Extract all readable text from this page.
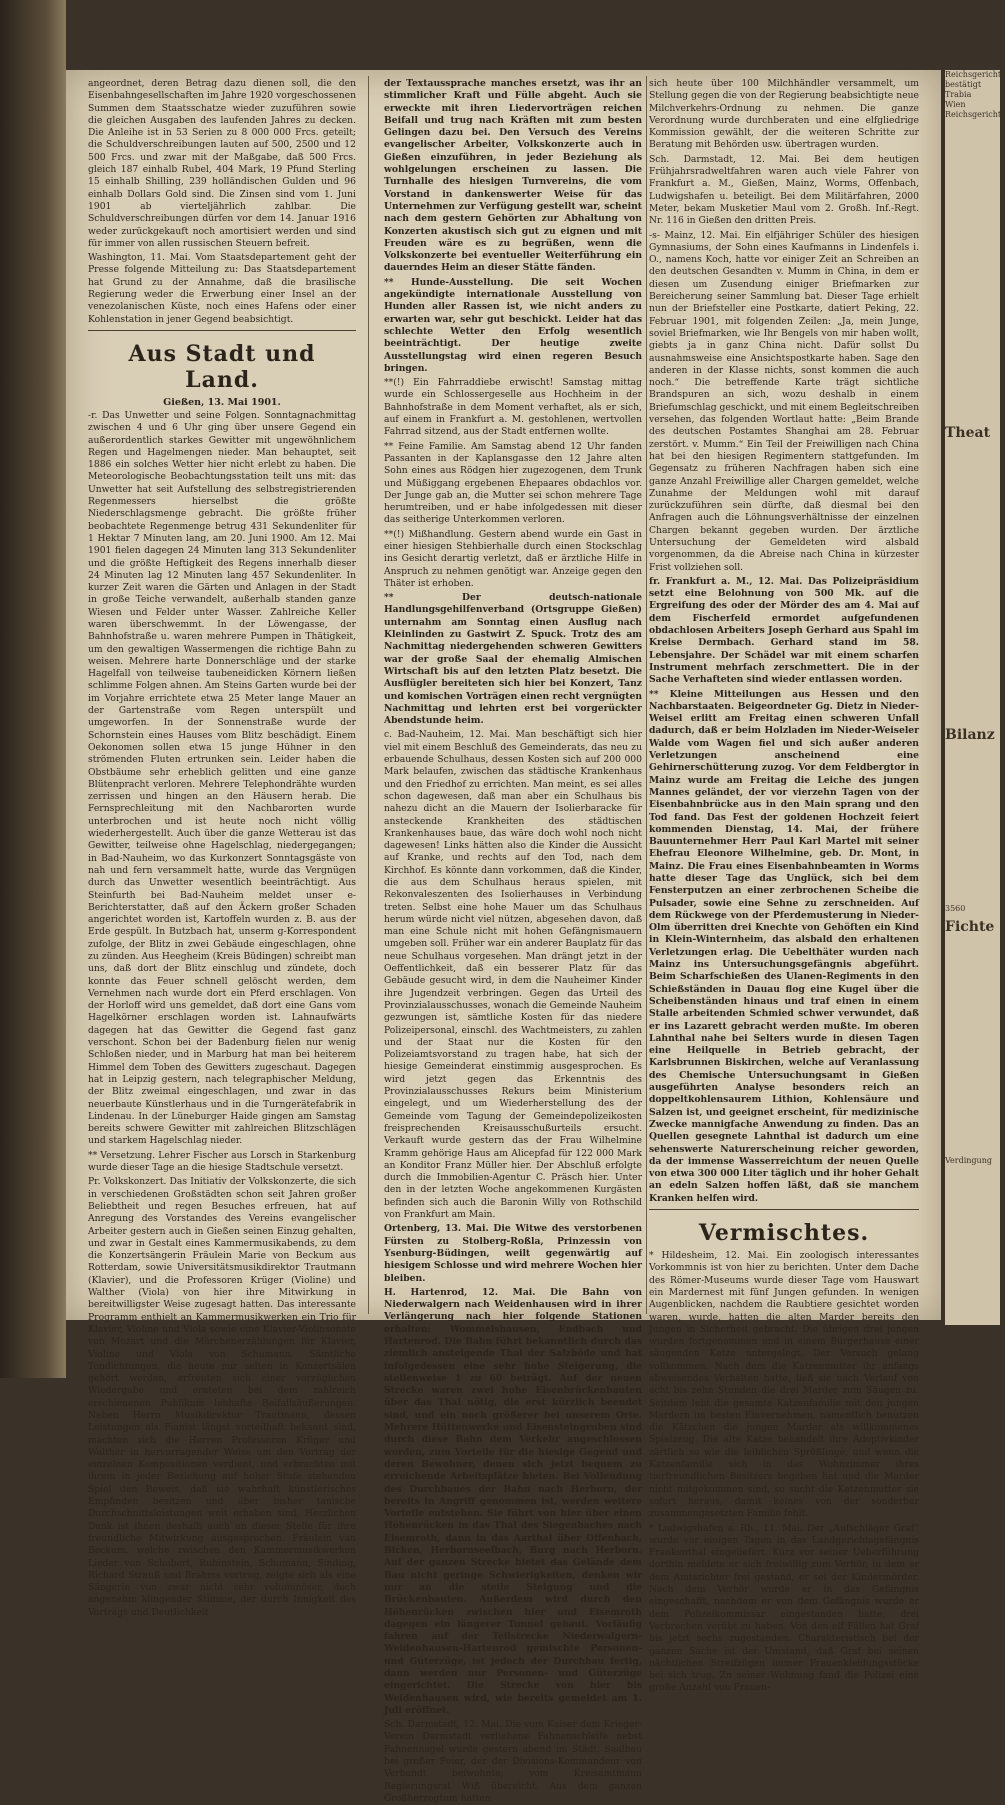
angeordnet, deren Betrag dazu dienen soll, die den Eisenbahngesellschaften im Jahre 1920 vorgeschossenen Summen dem Staatsschatze wieder zuzuführen sowie die gleichen Ausgaben des laufenden Jahres zu decken. Die Anleihe ist in 53 Serien zu 8 000 000 Frcs. geteilt; die Schuldverschreibungen lauten auf 500, 2500 und 12 500 Frcs. und zwar mit der Maßgabe, daß 500 Frcs. gleich 187 einhalb Rubel, 404 Mark, 19 Pfund Sterling 15 einhalb Shilling, 239 holländischen Gulden und 96 einhalb Dollars Gold sind. Die Zinsen sind vom 1. Juni 1901 ab vierteljährlich zahlbar. Die Schuldverschreibungen dürfen vor dem 14. Januar 1916 weder zurückgekauft noch amortisiert werden und sind für immer von allen russischen Steuern befreit.

Washington, 11. Mai. Vom Staatsdepartement geht der Presse folgende Mitteilung zu: Das Staatsdepartement hat Grund zu der Annahme, daß die brasilische Regierung weder die Erwerbung einer Insel an der venezolanischen Küste, noch eines Hafens oder einer Kohlenstation in jener Gegend beabsichtigt.

Aus Stadt und Land.
Gießen, 13. Mai 1901.

-r. Das Unwetter und seine Folgen. Sonntagnachmittag zwischen 4 und 6 Uhr ging über unsere Gegend ein außerordentlich starkes Gewitter mit ungewöhnlichem Regen und Hagelmengen nieder. Man behauptet, seit 1886 ein solches Wetter hier nicht erlebt zu haben. Die Meteorologische Beobachtungsstation teilt uns mit: das Unwetter hat seit Aufstellung des selbstregistrierenden Regenmessers hierselbst die größte Niederschlagsmenge gebracht. Die größte früher beobachtete Regenmenge betrug 431 Sekundenliter für 1 Hektar 7 Minuten lang, am 20. Juni 1900. Am 12. Mai 1901 fielen dagegen 24 Minuten lang 313 Sekundenliter und die größte Heftigkeit des Regens innerhalb dieser 24 Minuten lag 12 Minuten lang 457 Sekundenliter. In kurzer Zeit waren die Gärten und Anlagen in der Stadt in große Teiche verwandelt, außerhalb standen ganze Wiesen und Felder unter Wasser. Zahlreiche Keller waren überschwemmt. In der Löwengasse, der Bahnhofstraße u. waren mehrere Pumpen in Thätigkeit, um den gewaltigen Wassermengen die richtige Bahn zu weisen. Mehrere harte Donnerschläge und der starke Hagelfall von teilweise taubeneidicken Körnern ließen schlimme Folgen ahnen. Am Steins Garten wurde bei der im Vorjahre errichtete etwa 25 Meter lange Mauer an der Gartenstraße vom Regen unterspült und umgeworfen. In der Sonnenstraße wurde der Schornstein eines Hauses vom Blitz beschädigt. Einem Oekonomen sollen etwa 15 junge Hühner in den strömenden Fluten ertrunken sein. Leider haben die Obstbäume sehr erheblich gelitten und eine ganze Blütenpracht verloren. Mehrere Telephondrähte wurden zerrissen und hingen an den Häusern herab. Die Fernsprechleitung mit den Nachbarorten wurde unterbrochen und ist heute noch nicht völlig wiederhergestellt. Auch über die ganze Wetterau ist das Gewitter, teilweise ohne Hagelschlag, niedergegangen; in Bad-Nauheim, wo das Kurkonzert Sonntagsgäste von nah und fern versammelt hatte, wurde das Vergnügen durch das Unwetter wesentlich beeinträchtigt. Aus Steinfurth bei Bad-Nauheim meldet unser e-Berichterstatter, daß auf den Äckern großer Schaden angerichtet worden ist, Kartoffeln wurden z. B. aus der Erde gespült. In Butzbach hat, unserm g-Korrespondent zufolge, der Blitz in zwei Gebäude eingeschlagen, ohne zu zünden. Aus Heegheim (Kreis Büdingen) schreibt man uns, daß dort der Blitz einschlug und zündete, doch konnte das Feuer schnell gelöscht werden, dem Vernehmen nach wurde dort ein Pferd erschlagen. Von der Horloff wird uns gemeldet, daß dort eine Gans vom Hagelkörner erschlagen worden ist. Lahnaufwärts dagegen hat das Gewitter die Gegend fast ganz verschont. Schon bei der Badenburg fielen nur wenig Schloßen nieder, und in Marburg hat man bei heiterem Himmel dem Toben des Gewitters zugeschaut. Dagegen hat in Leipzig gestern, nach telegraphischer Meldung, der Blitz zweimal eingeschlagen, und zwar in das neuerbaute Künstlerhaus und in die Turngerätefabrik in Lindenau. In der Lüneburger Haide gingen am Samstag bereits schwere Gewitter mit zahlreichen Blitzschlägen und starkem Hagelschlag nieder.

** Versetzung. Lehrer Fischer aus Lorsch in Starkenburg wurde dieser Tage an die hiesige Stadtschule versetzt.

Pr. Volkskonzert. Das Initiativ der Volkskonzerte, die sich in verschiedenen Großstädten schon seit Jahren großer Beliebtheit und regen Besuches erfreuen, hat auf Anregung des Vorstandes des Vereins evangelischer Arbeiter gestern auch in Gießen seinen Einzug gehalten, und zwar in Gestalt eines Kammermusikabends, zu dem die Konzertsängerin Fräulein Marie von Beckum aus Rotterdam, sowie Universitätsmusikdirektor Trautmann (Klavier), und die Professoren Krüger (Violine) und Walther (Viola) von hier ihre Mitwirkung in bereitwilligster Weise zugesagt hatten. Das interessante Programm enthielt an Kammermusikwerken ein Trio für Klavier, Violine und Viola sowie eine Klavier-Violinsonate von Mozart und die Märchenerzählungen für Klavier, Violine und Viola von Schumann. Sämtliche Tondichtungen, die heute nur selten in Konzertsälen gehört werden, erfreuten sich einer vorzüglichen Wiedergabe und ernteten bei dem zahlreich erschienenen Publikum lebhafte Beifallsäußerungen. Neben Herrn Musikdirektor Trautmann, dessen Leistungen als Pianist längst vorteilhaft bekannt sind, machten sich die Herren Professoren Krüger und Walther in hervorragender Weise um den Vortrag der einzelnen Kompositionen verdient, und erbrachten mit ihrem in jeder Beziehung auf hoher Stufe stehenden Spiel den Beweis, daß sie wahrhaft künstlerisches Empfinden besitzen und über bisher tanische Durchschnittsleistungen weit erhaben sind. Herzlichen Dank ist ihnen deshalb auch an dieser Stelle für ihre freundliche Mitwirkung ausgesprochen. Fräulein van Beckum, welche zwischen den Kammermusikwerken Lieder von Schubert, Rubinstein, Schumann, Sinding, Richard Strauß und Brahms vortrug, zeigte sich als eine Sängerin von zwar nicht sehr voluminöser, doch angenehm klingender Stimme, der durch Innigkeit des Vortrags und Deutlichkeit

der Textaussprache manches ersetzt, was ihr an stimmlicher Kraft und Fülle abgeht. Auch sie erweckte mit ihren Liedervorträgen reichen Beifall und trug nach Kräften mit zum besten Gelingen dazu bei. Den Versuch des Vereins evangelischer Arbeiter, Volkskonzerte auch in Gießen einzuführen, in jeder Beziehung als wohlgelungen erscheinen zu lassen. Die Turnhalle des hiesigen Turnvereins, die vom Vorstand in dankenswerter Weise für das Unternehmen zur Verfügung gestellt war, scheint nach dem gestern Gehörten zur Abhaltung von Konzerten akustisch sich gut zu eignen und mit Freuden wäre es zu begrüßen, wenn die Volkskonzerte bei eventueller Weiterführung ein dauerndes Heim an dieser Stätte fänden.

** Hunde-Ausstellung. Die seit Wochen angekündigte internationale Ausstellung von Hunden aller Rassen ist, wie nicht anders zu erwarten war, sehr gut beschickt. Leider hat das schlechte Wetter den Erfolg wesentlich beeinträchtigt. Der heutige zweite Ausstellungstag wird einen regeren Besuch bringen.

**(!) Ein Fahrraddiebe erwischt! Samstag mittag wurde ein Schlossergeselle aus Hochheim in der Bahnhofstraße in dem Moment verhaftet, als er sich, auf einem in Frankfurt a. M. gestohlenen, wertvollen Fahrrad sitzend, aus der Stadt entfernen wollte.

** Feine Familie. Am Samstag abend 12 Uhr fanden Passanten in der Kaplansgasse den 12 Jahre alten Sohn eines aus Rödgen hier zugezogenen, dem Trunk und Müßiggang ergebenen Ehepaares obdachlos vor. Der Junge gab an, die Mutter sei schon mehrere Tage herumtreiben, und er habe infolgedessen mit dieser das seitherige Unterkommen verloren.

**(!) Mißhandlung. Gestern abend wurde ein Gast in einer hiesigen Stehbierhalle durch einen Stockschlag ins Gesicht derartig verletzt, daß er ärztliche Hilfe in Anspruch zu nehmen genötigt war. Anzeige gegen den Thäter ist erhoben.

** Der deutsch-nationale Handlungsgehilfenverband (Ortsgruppe Gießen) unternahm am Sonntag einen Ausflug nach Kleinlinden zu Gastwirt Z. Spuck. Trotz des am Nachmittag niedergehenden schweren Gewitters war der große Saal der ehemalig Almischen Wirtschaft bis auf den letzten Platz besetzt. Die Ausflügler bereiteten sich hier bei Konzert, Tanz und komischen Vorträgen einen recht vergnügten Nachmittag und lehrten erst bei vorgerückter Abendstunde heim.

c. Bad-Nauheim, 12. Mai. Man beschäftigt sich hier viel mit einem Beschluß des Gemeinderats, das neu zu erbauende Schulhaus, dessen Kosten sich auf 200 000 Mark belaufen, zwischen das städtische Krankenhaus und den Friedhof zu errichten. Man meint, es sei alles schon dagewesen, daß man aber ein Schulhaus bis nahezu dicht an die Mauern der Isolierbaracke für ansteckende Krankheiten des städtischen Krankenhauses baue, das wäre doch wohl noch nicht dagewesen! Links hätten also die Kinder die Aussicht auf Kranke, und rechts auf den Tod, nach dem Kirchhof. Es könnte dann vorkommen, daß die Kinder, die aus dem Schulhaus heraus spielen, mit Rekonvaleszenten des Isolierhauses in Verbindung treten. Selbst eine hohe Mauer um das Schulhaus herum würde nicht viel nützen, abgesehen davon, daß man eine Schule nicht mit hohen Gefängnismauern umgeben soll. Früher war ein anderer Bauplatz für das neue Schulhaus vorgesehen. Man drängt jetzt in der Oeffentlichkeit, daß ein besserer Platz für das Gebäude gesucht wird, in dem die Nauheimer Kinder ihre Jugendzeit verbringen. Gegen das Urteil des Provinzialausschusses, wonach die Gemeinde Nauheim gezwungen ist, sämtliche Kosten für das niedere Polizeipersonal, einschl. des Wachtmeisters, zu zahlen und der Staat nur die Kosten für den Polizeiamtsvorstand zu tragen habe, hat sich der hiesige Gemeinderat einstimmig ausgesprochen. Es wird jetzt gegen das Erkenntnis des Provinzialausschusses Rekurs beim Ministerium eingelegt, und um Wiederherstellung des der Gemeinde vom Tagung der Gemeindepolizeikosten freisprechenden Kreisausschußurteils ersucht. Verkauft wurde gestern das der Frau Wilhelmine Kramm gehörige Haus am Alicepfad für 122 000 Mark an Konditor Franz Müller hier. Der Abschluß erfolgte durch die Immobilien-Agentur C. Präsch hier. Unter den in der letzten Woche angekommenen Kurgästen befinden sich auch die Baronin Willy von Rothschild von Frankfurt am Main.

Ortenberg, 13. Mai. Die Witwe des verstorbenen Fürsten zu Stolberg-Roßla, Prinzessin von Ysenburg-Büdingen, weilt gegenwärtig auf hiesigem Schlosse und wird mehrere Wochen hier bleiben.

H. Hartenrod, 12. Mai. Die Bahn von Niederwalgern nach Weidenhausen wird in ihrer Verlängerung nach hier folgende Stationen erhalten: Wommelshausen, Endbach und Hartenrod. Die Bahn führt bekanntlich durch das ziemlich ansteigende Thal der Salzböde und hat infolgedessen eine sehr hohe Steigerung, die stellenweise 1 zu 60 beträgt. Auf der neuen Strecke waren zwei hohe Eisenbrückenbauten über das Thal nötig, die erst kürzlich beendet sind, und ein noch größerer bei unserem Orte. Mehrere Hüttenwerke und Eisensteingruben sind durch diese Bahn dem Verkehr angeschlossen worden, zum Vorteile für die hiesige Gegend und deren Bewohner, denen sich jetzt bequem zu erreichende Arbeitsplätze bieten. Bei Vollendung des Durchbaues der Bahn nach Herborn, der bereits in Angriff genommen ist, werden weitere Vorteile entstehen. Sie führt von hier über einen Höhenrücken in das Thal des Siegenbaches nach Eisemroth, dann in das Aarthal über Offenbach, Bicken, Herbornseelbach, Burg nach Herborn. Auf der ganzen Strecke bietet das Gelände dem Bau nicht geringe Schwierigkeiten, denken wir nur an die steile Steigung und die Brückenbauten. Außerdem wird durch den Höhenrücken zwischen hier und Eisemroth dagegen ein längerer Tunnel gebaut. Vorläufig fahren auf der Teilstrecke Niederwalgern-Weidenhausen-Hartenrod gemischte Personen- und Güterzüge, ist jedoch der Durchbau fertig, dann werden nur Personen- und Güterzüge eingerichtet. Die Strecke von hier bis Weidenhausen wird, wie bereits gemeldet am 1. Juli eröffnet.

Sch. Darmstadt, 12. Mai. Die vom Kaiser dem Krieger-Verein Darmstadt verliehene Fahnenschleife nebst Fahnennagel wurde gestern abend im Städt. Saalbau bei großer Feier, der der Divisions-Kommandeur von Verbandt beiwohnte, vom Kreisamtmann Regierungsrat Wiß übereicht. Aus dem ganzen Großherzogtum hatten

sich heute über 100 Milchhändler versammelt, um Stellung gegen die von der Regierung beabsichtigte neue Milchverkehrs-Ordnung zu nehmen. Die ganze Verordnung wurde durchberaten und eine elfgliedrige Kommission gewählt, der die weiteren Schritte zur Beratung mit Behörden usw. übertragen wurden.

Sch. Darmstadt, 12. Mai. Bei dem heutigen Frühjahrsradweltfahren waren auch viele Fahrer von Frankfurt a. M., Gießen, Mainz, Worms, Offenbach, Ludwigshafen u. beteiligt. Bei dem Militärfahren, 2000 Meter, bekam Musketier Maul vom 2. Großh. Inf.-Regt. Nr. 116 in Gießen den dritten Preis.

-s- Mainz, 12. Mai. Ein elfjähriger Schüler des hiesigen Gymnasiums, der Sohn eines Kaufmanns in Lindenfels i. O., namens Koch, hatte vor einiger Zeit an Schreiben an den deutschen Gesandten v. Mumm in China, in dem er diesen um Zusendung einiger Briefmarken zur Bereicherung seiner Sammlung bat. Dieser Tage erhielt nun der Briefsteller eine Postkarte, datiert Peking, 22. Februar 1901, mit folgenden Zeilen: „Ja, mein Junge, soviel Briefmarken, wie Ihr Bengels von mir haben wollt, giebts ja in ganz China nicht. Dafür sollst Du ausnahmsweise eine Ansichtspostkarte haben. Sage den anderen in der Klasse nichts, sonst kommen die auch noch.“ Die betreffende Karte trägt sichtliche Brandspuren an sich, wozu deshalb in einem Briefumschlag geschickt, und mit einem Begleitschreiben versehen, das folgenden Wortlaut hatte: „Beim Brande des deutschen Postamtes Shanghai am 28. Februar zerstört. v. Mumm.“ Ein Teil der Freiwilligen nach China hat bei den hiesigen Regimentern stattgefunden. Im Gegensatz zu früheren Nachfragen haben sich eine ganze Anzahl Freiwillige aller Chargen gemeldet, welche Zunahme der Meldungen wohl mit darauf zurückzuführen sein dürfte, daß diesmal bei den Anfragen auch die Löhnungsverhältnisse der einzelnen Chargen bekannt gegeben wurden. Der ärztliche Untersuchung der Gemeldeten wird alsbald vorgenommen, da die Abreise nach China in kürzester Frist vollziehen soll.

fr. Frankfurt a. M., 12. Mai. Das Polizeipräsidium setzt eine Belohnung von 500 Mk. auf die Ergreifung des oder der Mörder des am 4. Mai auf dem Fischerfeld ermordet aufgefundenen obdachlosen Arbeiters Joseph Gerhard aus Spahl im Kreise Dermbach. Gerhard stand im 58. Lebensjahre. Der Schädel war mit einem scharfen Instrument mehrfach zerschmettert. Die in der Sache Verhafteten sind wieder entlassen worden.

** Kleine Mitteilungen aus Hessen und den Nachbarstaaten. Beigeordneter Gg. Dietz in Nieder-Weisel erlitt am Freitag einen schweren Unfall dadurch, daß er beim Holzladen im Nieder-Weiseler Walde vom Wagen fiel und sich außer anderen Verletzungen anscheinend eine Gehirnerschütterung zuzog. Vor dem Feldbergtor in Mainz wurde am Freitag die Leiche des jungen Mannes geländet, der vor vierzehn Tagen von der Eisenbahnbrücke aus in den Main sprang und den Tod fand. Das Fest der goldenen Hochzeit feiert kommenden Dienstag, 14. Mai, der frühere Bauunternehmer Herr Paul Karl Martel mit seiner Ehefrau Eleonore Wilhelmine, geb. Dr. Mont, in Mainz. Die Frau eines Eisenbahnbeamten in Worms hatte dieser Tage das Unglück, sich bei dem Fensterputzen an einer zerbrochenen Scheibe die Pulsader, sowie eine Sehne zu zerschneiden. Auf dem Rückwege von der Pferdemusterung in Nieder-Olm überritten drei Knechte von Gehöften ein Kind in Klein-Winternheim, das alsbald den erhaltenen Verletzungen erlag. Die Uebelthäter wurden nach Mainz ins Untersuchungsgefängnis abgeführt. Beim Scharfschießen des Ulanen-Regiments in den Schießständen in Dauau flog eine Kugel über die Scheibenständen hinaus und traf einen in einem Stalle arbeitenden Schmied schwer verwundet, daß er ins Lazarett gebracht werden mußte. Im oberen Lahnthal nahe bei Selters wurde in diesen Tagen eine Heilquelle in Betrieb gebracht, der Karlsbrunnen Biskirchen, welche auf Veranlassung des Chemische Untersuchungsamt in Gießen ausgeführten Analyse besonders reich an doppeltkohlensaurem Lithion, Kohlensäure und Salzen ist, und geeignet erscheint, für medizinische Zwecke mannigfache Anwendung zu finden. Das an Quellen gesegnete Lahnthal ist dadurch um eine sehenswerte Naturerscheinung reicher geworden, da der immense Wasserreichtum der neuen Quelle von etwa 300 000 Liter täglich und ihr hoher Gehalt an edeln Salzen hoffen läßt, daß sie manchem Kranken helfen wird.

Vermischtes.

* Hildesheim, 12. Mai. Ein zoologisch interessantes Vorkommnis ist von hier zu berichten. Unter dem Dache des Römer-Museums wurde dieser Tage vom Hauswart ein Mardernest mit fünf Jungen gefunden. In wenigen Augenblicken, nachdem die Raubtiere gesichtet worden waren, wurde, hatten die alten Marder bereits den Jungen in Sicherheit gebracht. Die übrigen drei jungen wurden fortgenommen und in einem Bürgerhause einer säugenden Katze untergelegt. Der Versuch gelang vollkommen. Nach dem die Katzenmutter ihr anfangs abweisendes Verhalten hatte, ließ sie nach Verlauf von acht bis zehn Stunden die drei Marder zum Säugen zu. Seitdem lebt die gesamte Katzenfamilie mit den jungen Mardern im besten Einvernehmen, namentlich benutzen die Kätzchen die jungen Marder als willkommenes Spielzeug. Die alte Katze behandelt ihre Adoptivkinder zärtlich so wie die leiblichen Sprößlinge, und wenn die Katzenfamilie sich in das Wohnzimmer ihres tierfreundlichen Besitzers begeben hat und die Marder nicht mitgekommen sind, so sucht die Katzenmutter sie sofort heraus, damit keines von der sonderbar zusammengesetzten Familie fehlt.

* Ludwigshafen a. Rh., 11. Mai. Der „Aufschläger Graf“ wurde vor einigen Tagen in das Landgerichtsgefängnis Frankenthal eingeliefert. Kurz vor seiner Ueberführung dorthin meldete er sich freiwillig zum Verhör, in dem er dem Amtsrichter frei gestand, er sei der Kindermörder. Nach dem Verhör wurde er in das Gefängnis eingeschafft, nachdem er von dem Gefängnis wurde er dem Polizeikommissar eingestanden hatte, drei Verbrechen verübt zu haben. Von den elf Fällen hat Graf bis jetzt sechs zugestanden. Charakteristisch bei der ganzen Sache ist der Umstand, daß Graf bei seinen nächtlichen Streifzügen immer Frauenkleidungsstücke bei sich trug. Zn seiner Wohnung fand die Polizei eine große Anzahl von Frauen-

Reichsgerichts
bestätigt
Trabia
Wien
Reichsgericht
Theat
Bilanz
3560
Fichte
Verdingung
